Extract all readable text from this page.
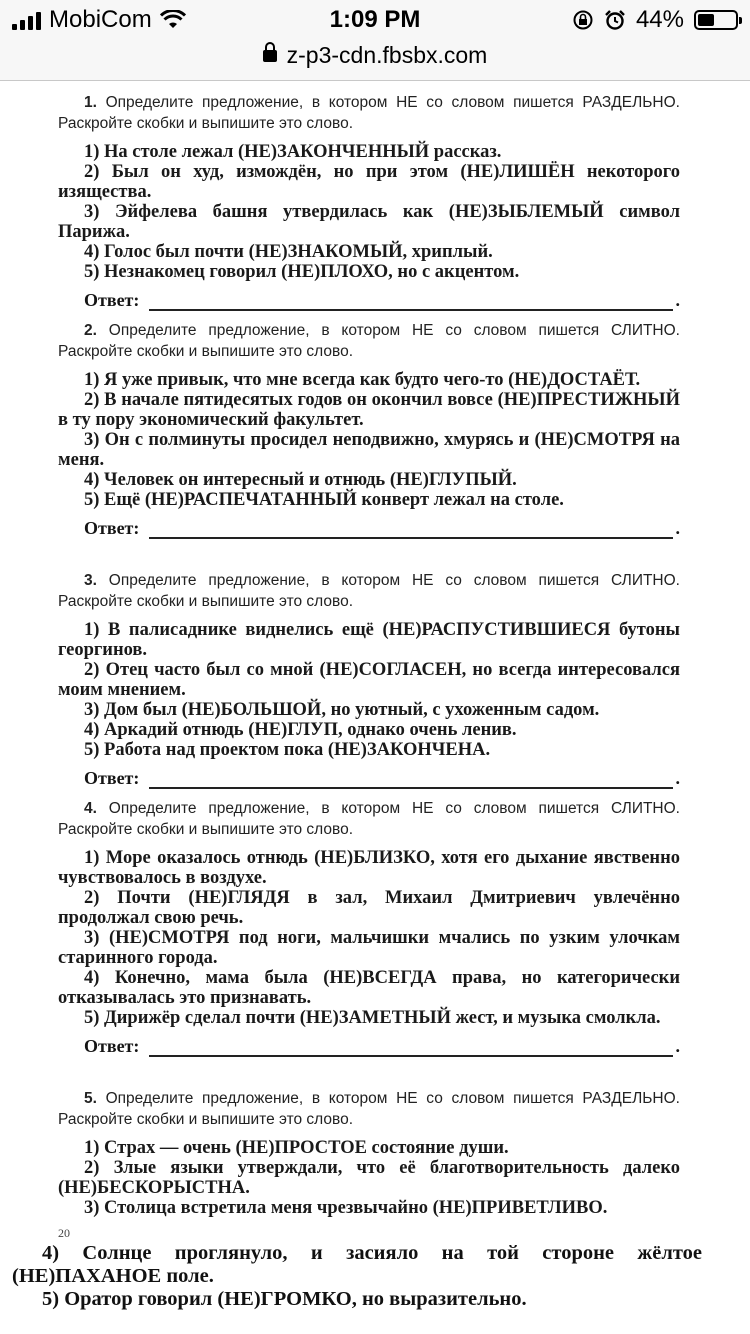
MobiCom	1:09 PM	44%
z-p3-cdn.fbsbx.com
1. Определите предложение, в котором НЕ со словом пишется РАЗДЕЛЬНО. Раскройте скобки и выпишите это слово.
1) На столе лежал (НЕ)ЗАКОНЧЕННЫЙ рассказ.
2) Был он худ, измождён, но при этом (НЕ)ЛИШЁН некоторого изящества.
3) Эйфелева башня утвердилась как (НЕ)ЗЫБЛЕМЫЙ символ Парижа.
4) Голос был почти (НЕ)ЗНАКОМЫЙ, хриплый.
5) Незнакомец говорил (НЕ)ПЛОХО, но с акцентом.
Ответ:	.
2. Определите предложение, в котором НЕ со словом пишется СЛИТНО. Раскройте скобки и выпишите это слово.
1) Я уже привык, что мне всегда как будто чего-то (НЕ)ДОСТАЁТ.
2) В начале пятидесятых годов он окончил вовсе (НЕ)ПРЕСТИЖНЫЙ в ту пору экономический факультет.
3) Он с полминуты просидел неподвижно, хмурясь и (НЕ)СМОТРЯ на меня.
4) Человек он интересный и отнюдь (НЕ)ГЛУПЫЙ.
5) Ещё (НЕ)РАСПЕЧАТАННЫЙ конверт лежал на столе.
Ответ:	.
3. Определите предложение, в котором НЕ со словом пишется СЛИТНО. Раскройте скобки и выпишите это слово.
1) В палисаднике виднелись ещё (НЕ)РАСПУСТИВШИЕСЯ бутоны георгинов.
2) Отец часто был со мной (НЕ)СОГЛАСЕН, но всегда интересовался моим мнением.
3) Дом был (НЕ)БОЛЬШОЙ, но уютный, с ухоженным садом.
4) Аркадий отнюдь (НЕ)ГЛУП, однако очень ленив.
5) Работа над проектом пока (НЕ)ЗАКОНЧЕНА.
Ответ:	.
4. Определите предложение, в котором НЕ со словом пишется СЛИТНО. Раскройте скобки и выпишите это слово.
1) Море оказалось отнюдь (НЕ)БЛИЗКО, хотя его дыхание явственно чувствовалось в воздухе.
2) Почти (НЕ)ГЛЯДЯ в зал, Михаил Дмитриевич увлечённо продолжал свою речь.
3) (НЕ)СМОТРЯ под ноги, мальчишки мчались по узким улочкам старинного города.
4) Конечно, мама была (НЕ)ВСЕГДА права, но категорически отказывалась это признавать.
5) Дирижёр сделал почти (НЕ)ЗАМЕТНЫЙ жест, и музыка смолкла.
Ответ:	.
5. Определите предложение, в котором НЕ со словом пишется РАЗДЕЛЬНО. Раскройте скобки и выпишите это слово.
1) Страх — очень (НЕ)ПРОСТОЕ состояние души.
2) Злые языки утверждали, что её благотворительность далеко (НЕ)БЕСКОРЫСТНА.
3) Столица встретила меня чрезвычайно (НЕ)ПРИВЕТЛИВО.
20
4) Солнце проглянуло, и засияло на той стороне жёлтое (НЕ)ПАХАНОЕ поле.
5) Оратор говорил (НЕ)ГРОМКО, но выразительно.
